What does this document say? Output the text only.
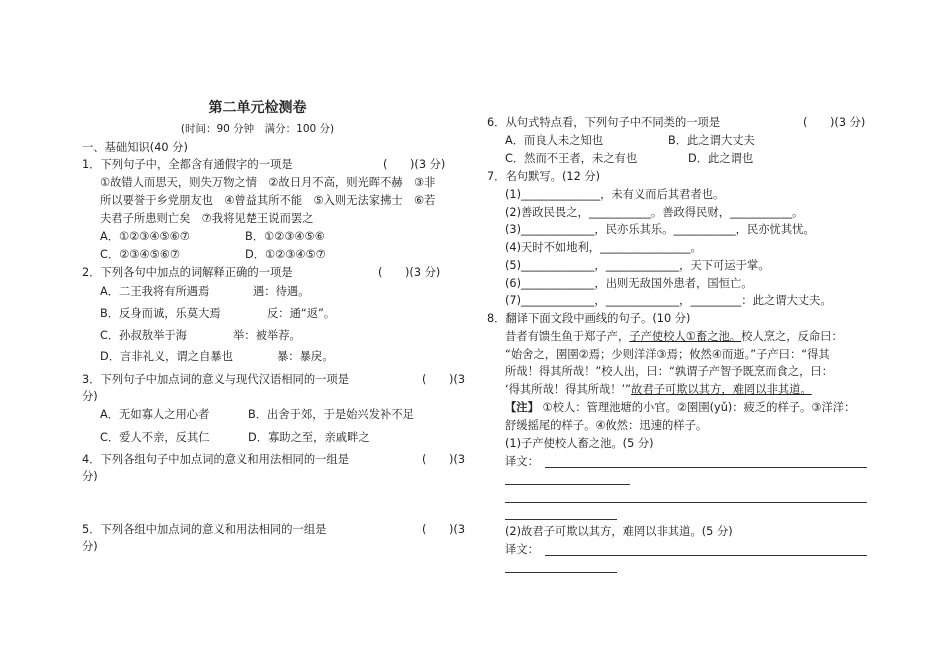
第二单元检测卷
(时间：90 分钟　满分：100 分)
一、基础知识(40 分)
1．下列句子中，全都含有通假字的一项是	(　　)(3 分)
①故错人而思天，则失万物之情　②故日月不高，则光晖不赫　③非
所以要誉于乡党朋友也　④曾益其所不能　⑤入则无法家拂士　⑥若
夫君子所患则亡矣　⑦我将见楚王说而罢之
A．①②③④⑤⑥⑦	B．①②③④⑤⑥
C．②③④⑤⑥⑦	D．①②③④⑤⑦
2．下列各句中加点的词解释正确的一项是	(　　)(3 分)
A．二王我将有所遇焉	遇：待遇。
B．反身而诚，乐莫大焉	反：通“返”。
C．孙叔敖举于海	举：被举荐。
D．言非礼义，谓之自暴也	暴：暴戾。
3．下列句子中加点词的意义与现代汉语相同的一项是	(　　)(3
分)
A．无如寡人之用心者	B．出舍于郊，于是始兴发补不足
C．爱人不亲，反其仁	D．寡助之至，亲戚畔之
4．下列各组句子中加点词的意义和用法相同的一组是	(　　)(3
分)
5．下列各组中加点词的意义和用法相同的一组是	(　　)(3
分)
6．从句式特点看，下列句子中不同类的一项是	(　　)(3 分)
A．而良人未之知也	B．此之谓大丈夫
C．然而不王者，未之有也	D．此之谓也
7．名句默写。(12 分)
(1)______________，未有义而后其君者也。
(2)善政民畏之，___________。善政得民财，___________。
(3)_____________，民亦乐其乐。___________，民亦忧其忧。
(4)天时不如地利，________________。
(5)_____________，_____________，天下可运于掌。
(6)_____________，出则无敌国外患者，国恒亡。
(7)_____________，_____________，_________：此之谓大丈夫。
8．翻译下面文段中画线的句子。(10 分)
昔者有馈生鱼于郑子产，子产使校人①畜之池。校人烹之，反命曰：
“始舍之，圉圉②焉；少则洋洋③焉；攸然④而逝。”子产曰：“得其
所哉！得其所哉！”校人出，曰：“孰谓子产智予既烹而食之，曰：
‘得其所哉！得其所哉！’”故君子可欺以其方，难罔以非其道。
【注】 ①校人：管理池塘的小官。②圉圉(yǔ)：疲乏的样子。③洋洋：
舒缓摇尾的样子。④攸然：迅速的样子。
(1)子产使校人畜之池。(5 分)
译文：
(2)故君子可欺以其方，难罔以非其道。(5 分)
译文：
